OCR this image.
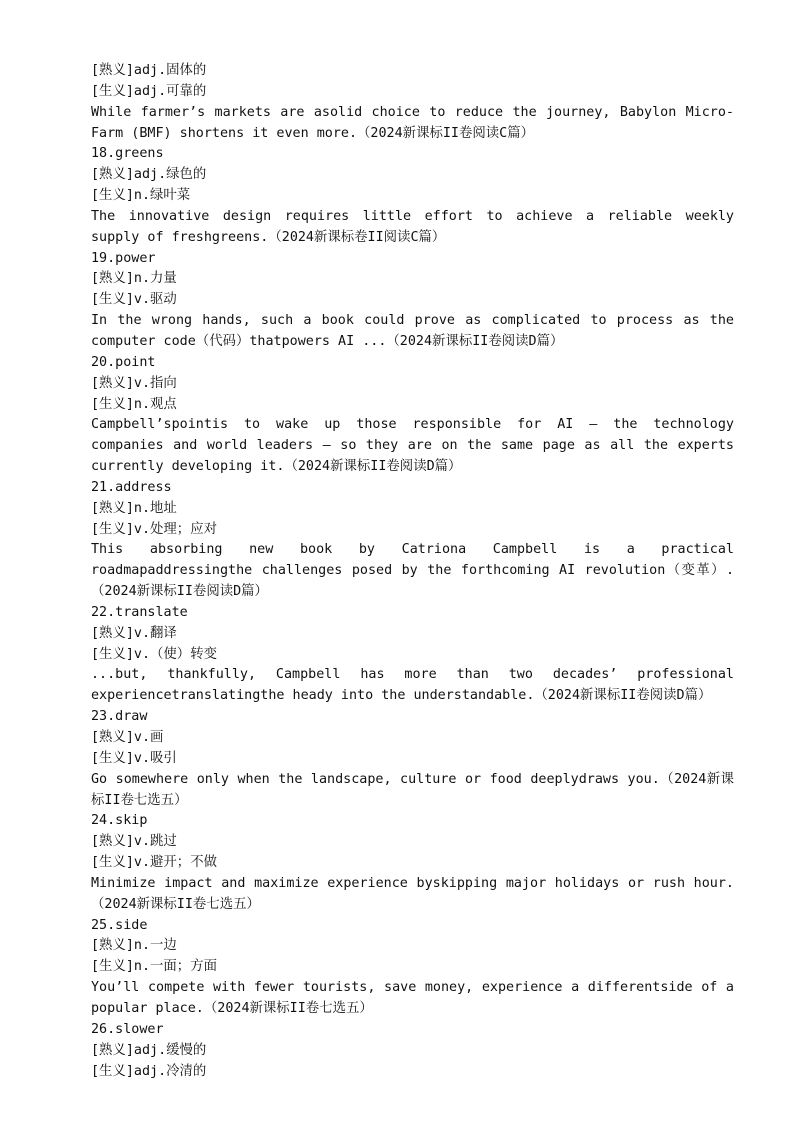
[熟义]adj.固体的
[生义]adj.可靠的
While farmer’s markets are asolid choice to reduce the journey, Babylon Micro-Farm (BMF) shortens it even more.（2024新课标II卷阅读C篇）
18.greens
[熟义]adj.绿色的
[生义]n.绿叶菜
The innovative design requires little effort to achieve a reliable weekly supply of freshgreens.（2024新课标卷II阅读C篇）
19.power
[熟义]n.力量
[生义]v.驱动
In the wrong hands, such a book could prove as complicated to process as the computer code（代码）thatpowers AI ...（2024新课标II卷阅读D篇）
20.point
[熟义]v.指向
[生义]n.观点
Campbell’spointis to wake up those responsible for AI — the technology companies and world leaders — so they are on the same page as all the experts currently developing it.（2024新课标II卷阅读D篇）
21.address
[熟义]n.地址
[生义]v.处理；应对
This absorbing new book by Catriona Campbell is a practical roadmapaddressingthe challenges posed by the forthcoming AI revolution（变革）.（2024新课标II卷阅读D篇）
22.translate
[熟义]v.翻译
[生义]v.（使）转变
...but, thankfully, Campbell has more than two decades’ professional experiencetranslatingthe heady into the understandable.（2024新课标II卷阅读D篇）
23.draw
[熟义]v.画
[生义]v.吸引
Go somewhere only when the landscape, culture or food deeplydraws you.（2024新课标II卷七选五）
24.skip
[熟义]v.跳过
[生义]v.避开；不做
Minimize impact and maximize experience byskipping major holidays or rush hour.（2024新课标II卷七选五）
25.side
[熟义]n.一边
[生义]n.一面；方面
You’ll compete with fewer tourists, save money, experience a differentside of a popular place.（2024新课标II卷七选五）
26.slower
[熟义]adj.缓慢的
[生义]adj.冷清的
